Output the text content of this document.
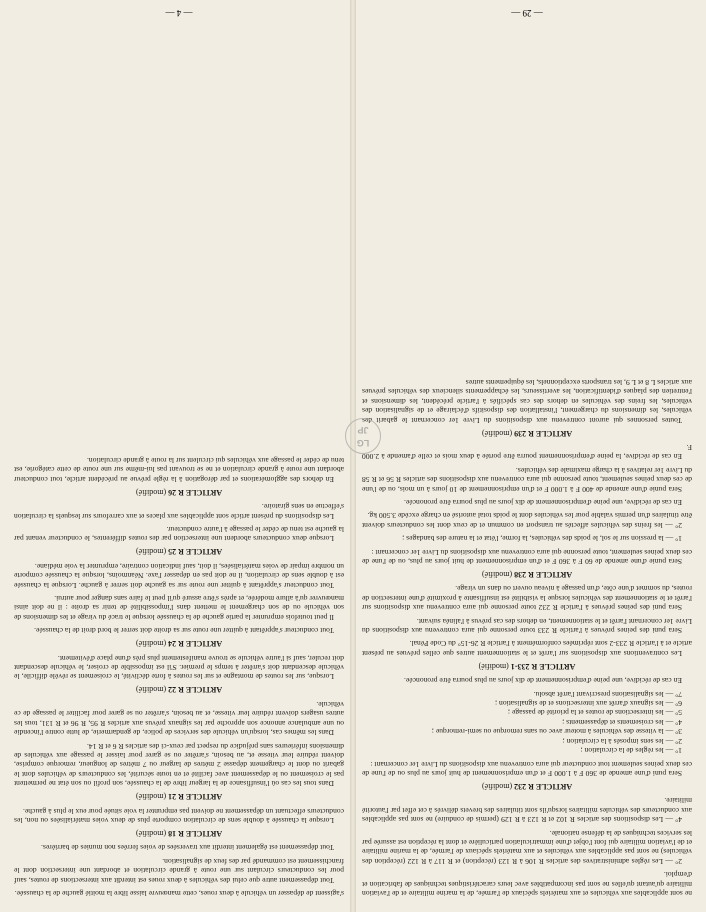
ne sont applicables aux véhicules et aux matériels spéciaux de l'armée, de la marine militaire et de l'aviation militaire qu'autant qu'elles ne sont pas incompatibles avec leurs caractéristiques techniques de fabrication et d'emploi.

2° — Les règles administratives des articles R 106 à R 123 (réception) et R 117 à R 122 (réception des véhicules) ne sont pas applicables aux véhicules et aux matériels spéciaux de l'armée, de la marine militaire et de l'aviation militaire qui font l'objet d'une immatriculation particulière et dont la réception est assurée par les services techniques de la défense nationale.

4° — Les dispositions des articles R 102 et R 123 à R 129 (permis de conduire) ne sont pas applicables aux conducteurs des véhicules militaires lorsqu'ils sont titulaires des brevets délivrés à cet effet par l'autorité militaire.

ARTICLE R 232 (modifié)

Sera puni d'une amende de 360 F à 1.000 F et d'un emprisonnement de huit jours au plus ou de l'une de ces deux peines seulement tout conducteur qui aura contrevenu aux dispositions du Livre 1er concernant :

1° — les règles de la circulation ;
2° — les sens imposés à la circulation ;
3° — la vitesse des véhicules à moteur avec ou sans remorque ou semi-remorque ;
4° — les croisements et dépassements ;
5° — les intersections de routes et la priorité de passage ;
6° — les signaux d'arrêt aux intersections et de signalisation ;
7° — les signalisations prescrivant l'arrêt absolu.

En cas de récidive, une peine d'emprisonnement de dix jours au plus pourra être prononcée.

ARTICLE R 233-1 (modifié)

Les contraventions aux dispositions sur l'arrêt et le stationnement autres que celles prévues au présent article et à l'article R 233-2 sont réprimées conformément à l'article R 26-15° du Code Pénal.

Sera puni des peines prévues à l'article R 233 toute personne qui aura contrevenu aux dispositions du Livre 1er concernant l'arrêt et le stationnement, en dehors des cas prévus à l'alinéa suivant.

Sera puni des peines prévues à l'article R 232 toute personne qui aura contrevenu aux dispositions sur l'arrêt et le stationnement des véhicules lorsque la visibilité est insuffisante à proximité d'une intersection de routes, du sommet d'une côte, d'un passage à niveau ouvert ou dans un virage.

ARTICLE R 238 (modifié)

Sera punie d'une amende de 60 F à 360 F et d'un emprisonnement de huit jours au plus, ou de l'une de ces deux peines seulement, toute personne qui aura contrevenu aux dispositions du Livre 1er concernant :

1° — la pression sur le sol, le poids des véhicules, la forme, l'état et la nature des bandages ;

2° — les freins des véhicules affectés au transport en commun et de ceux dont les conducteurs doivent être titulaires d'un permis valable pour les véhicules dont le poids total autorisé en charge excède 3.500 kg.

En cas de récidive, une peine d'emprisonnement de dix jours au plus pourra être prononcée.

Sera punie d'une amende de 400 F à 1.000 F et d'un emprisonnement de 10 jours à un mois, ou de l'une de ces deux peines seulement, toute personne qui aura contrevenu aux dispositions des articles R 56 et R 58 du Livre 1er relatives à la charge maximale des véhicules.

En cas de récidive, la peine d'emprisonnement pourra être portée à deux mois et celle d'amende à 2.000 F.

ARTICLE R 239 (modifié)

Toutes personnes qui auront contrevenu aux dispositions du Livre 1er concernant le gabarit des véhicules, les dimensions du chargement, l'installation des dispositifs d'éclairage et de signalisation des véhicules, les freins des véhicules en dehors des cas spécifiés à l'article précédent, les dimensions et l'entretien des plaques d'identification, les avertisseurs, les échappements silencieux des véhicules prévues aux articles L 8 et L 9, les transports exceptionnels, les équipements autres

s'agissent de dépasser un véhicule à deux roues, cette manœuvre laisse libre la moitié gauche de la chaussée.

Tout dépassement autre que celui des véhicules à deux roues est interdit aux intersections de routes, sauf pour les conducteurs circulant sur une route à grande circulation et abordant une intersection dont le franchissement est commandé par des feux de signalisation.

Tout dépassement est également interdit aux traversées de voies ferrées non munies de barrières.

ARTICLE R 18 (modifié)

Lorsque la chaussée à double sens de circulation comporte plus de deux voies matérialisées ou non, les conducteurs effectuant un dépassement ne doivent pas emprunter la voie située pour eux le plus à gauche.

ARTICLE R 21 (modifié)

Dans tous les cas où l'insuffisance de la largeur libre de la chaussée, son profil ou son état ne permettent pas le croisement ou le dépassement avec facilité et en toute sécurité, les conducteurs de véhicules dont le gabarit ou dont le chargement dépasse 2 mètres de largeur ou 7 mètres de longueur, remorque comprise, doivent réduire leur vitesse et, au besoin, s'arrêter ou se garer pour laisser le passage aux véhicules de dimensions inférieures sans préjudice du respect par ceux-ci des articles R 6 et R 14.

Dans les mêmes cas, lorsqu'un véhicule des services de police, de gendarmerie, de lutte contre l'incendie ou une ambulance annonce son approche par les signaux prévus aux articles R 95, R 96 et R 131, tous les autres usagers doivent réduire leur vitesse, et au besoin, s'arrêter ou se garer pour faciliter le passage de ce véhicule.

ARTICLE R 22 (modifié)

Lorsque, sur les routes de montagne et sur les routes à forte déclivité, le croisement se révèle difficile, le véhicule descendant doit s'arrêter à temps le premier. S'il est impossible de croiser, le véhicule descendant doit reculer, sauf si l'autre véhicule se trouve manifestement plus près d'une place d'évitement.

ARTICLE R 24 (modifié)

Tout conducteur s'apprêtant à quitter une route sur sa droite doit serrer le bord droit de la chaussée.

Il peut toutefois emprunter la partie gauche de la chaussée lorsque le tracé du virage et les dimensions de son véhicule ou de son chargement le mettent dans l'impossibilité de tenir sa droite : il ne doit ainsi manœuvrer qu'à allure modérée, et après s'être assuré qu'il peut le faire sans danger pour autrui.

Tout conducteur s'apprêtant à quitter une route sur sa gauche doit serrer à gauche. Lorsque la chaussée est à double sens de circulation, il ne doit pas en dépasser l'axe. Néanmoins, lorsque la chaussée comporte un nombre impair de voies matérialisées, il doit, sauf indication contraire, emprunter la voie médiane.

ARTICLE R 25 (modifié)

Lorsque deux conducteurs abordent une intersection par des routes différentes, le conducteur venant par la gauche est tenu de céder le passage à l'autre conducteur.

Les dispositions du présent article sont applicables aux places et aux carrefours sur lesquels la circulation s'effectue en sens giratoire.

ARTICLE R 26 (modifié)

En dehors des agglomérations et par dérogation à la règle prévue au précédent article, tout conducteur abordant une route à grande circulation et ne se trouvant pas lui-même sur une route de cette catégorie, est tenu de céder le passage aux véhicules qui circulent sur la route à grande circulation.

— 29 —
— 4 —
LG
JP
